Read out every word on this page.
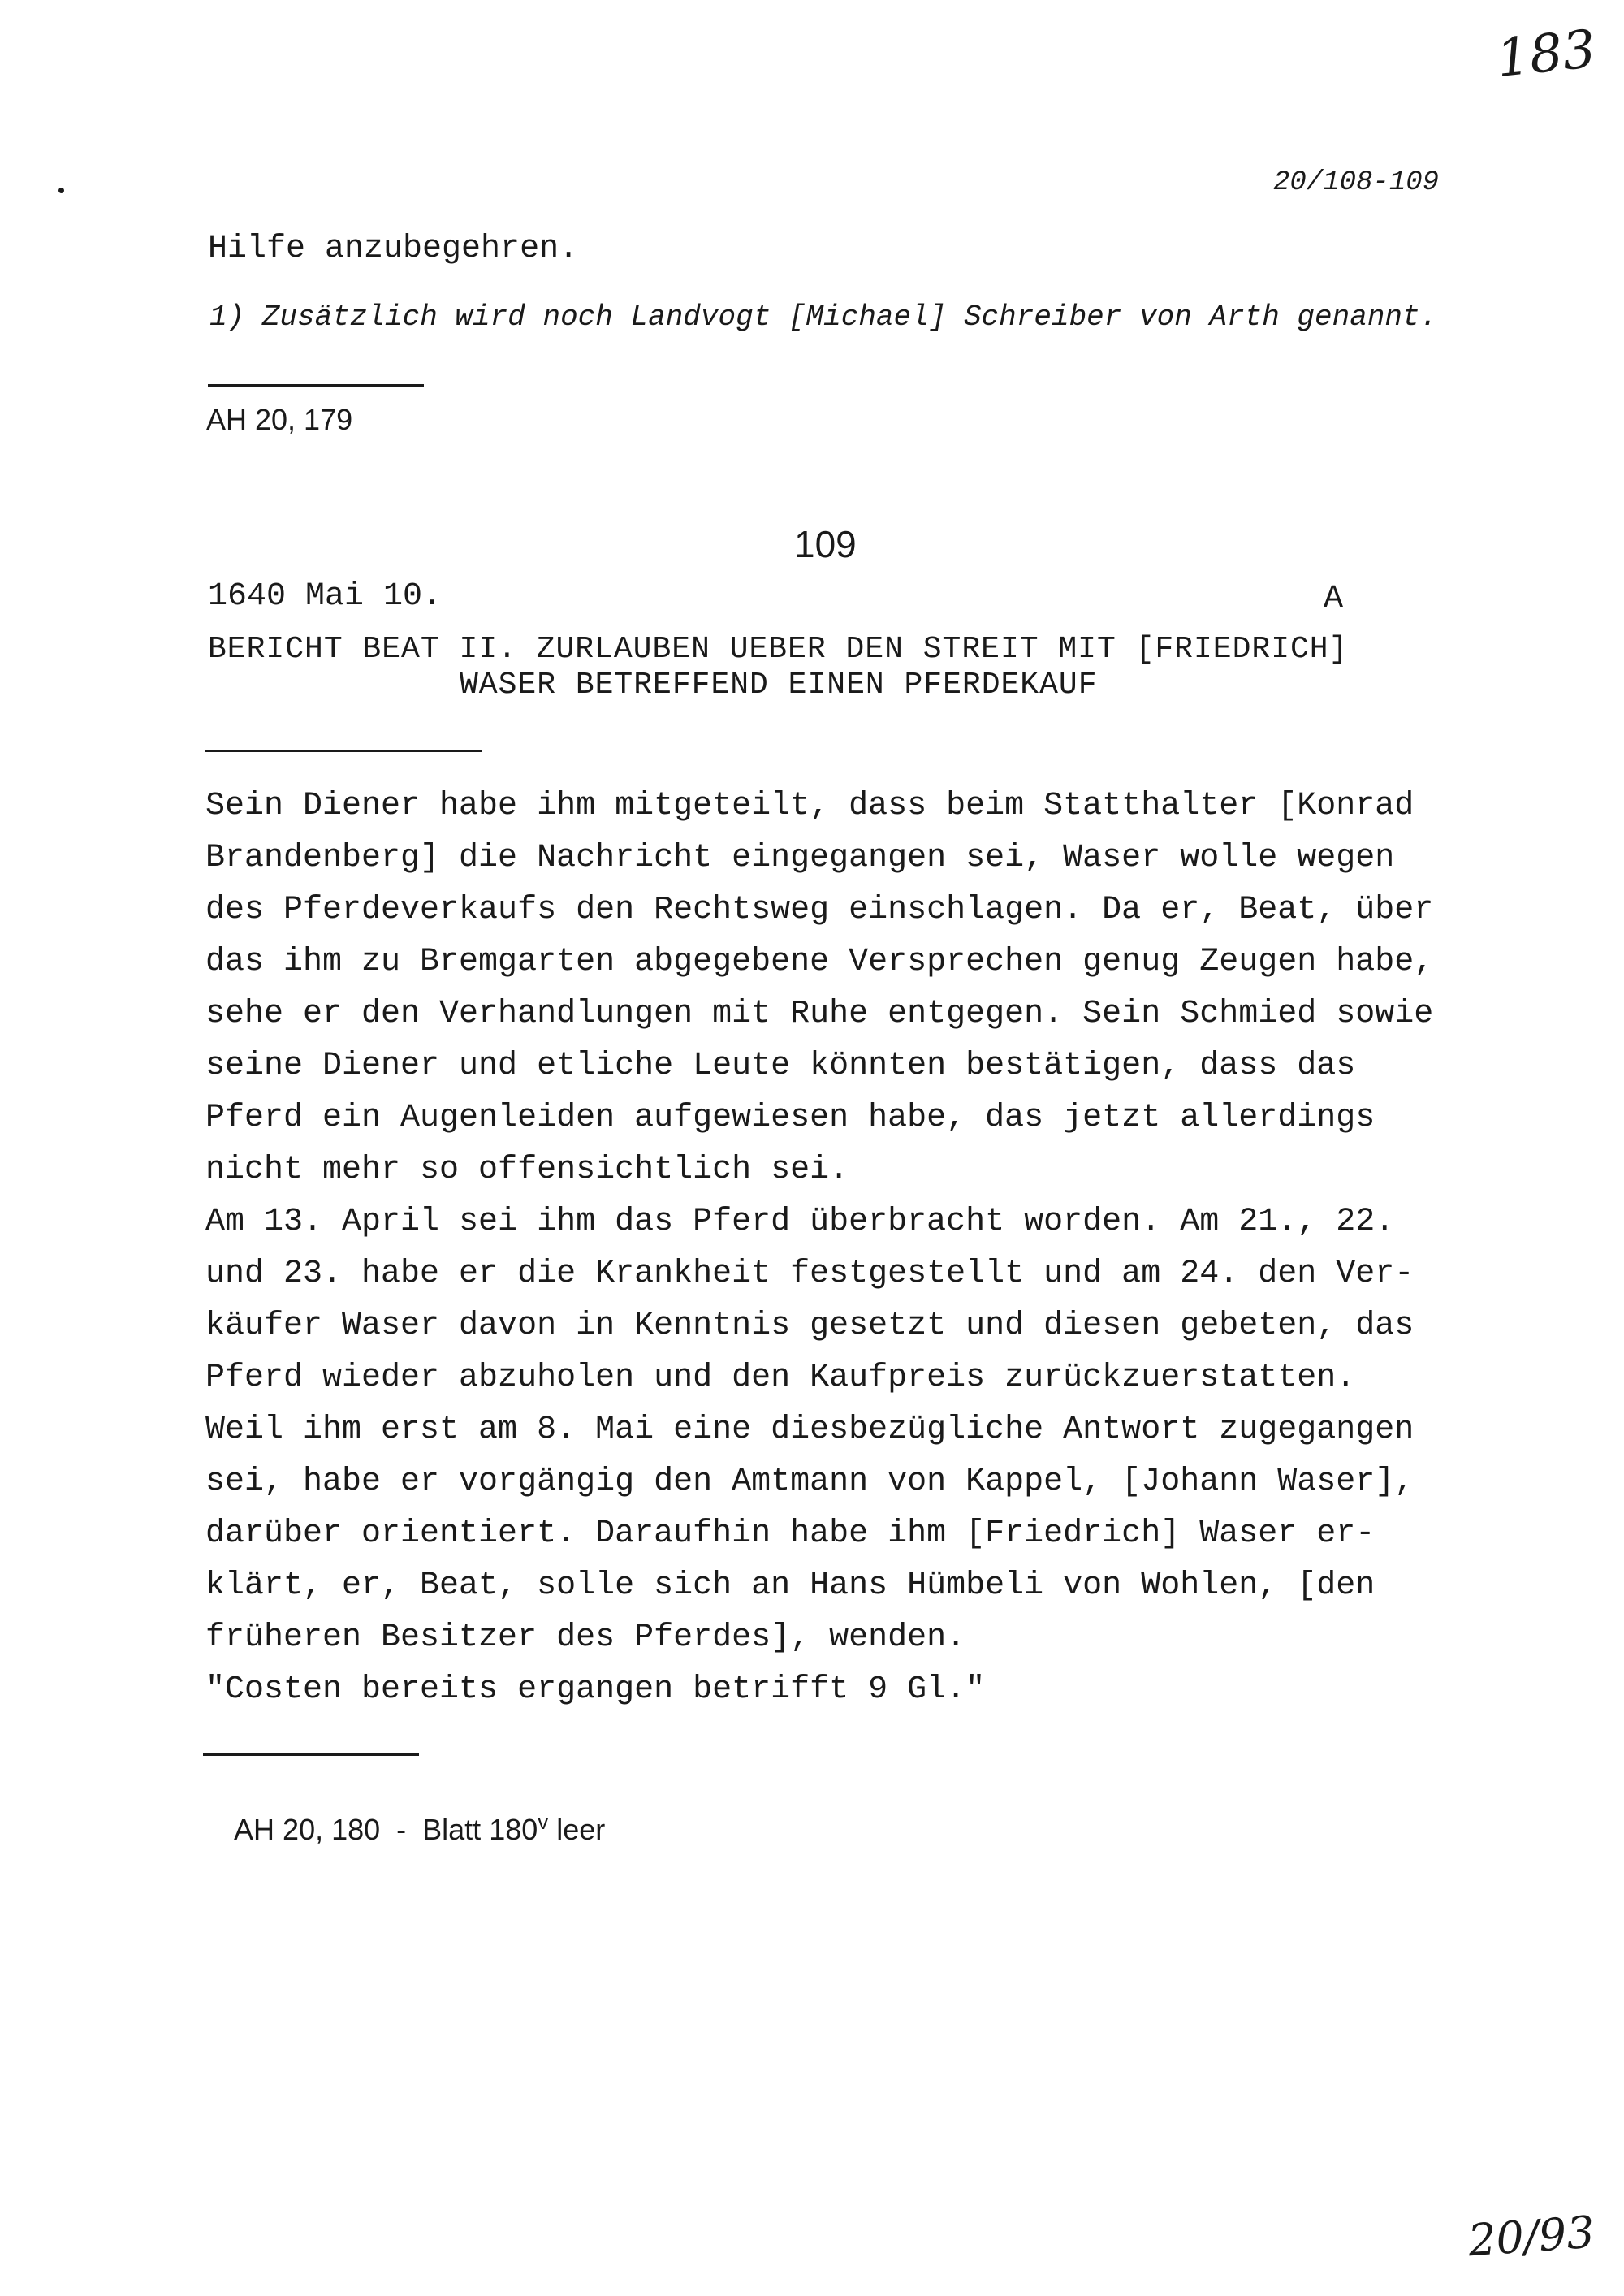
183
20/108-109
Hilfe anzubegehren.
1) Zusätzlich wird noch Landvogt [Michael] Schreiber von Arth genannt.
AH 20, 179
109
1640 Mai 10.	A
BERICHT BEAT II. ZURLAUBEN UEBER DEN STREIT MIT [FRIEDRICH]
WASER BETREFFEND EINEN PFERDEKAUF
Sein Diener habe ihm mitgeteilt, dass beim Statthalter [Konrad
Brandenberg] die Nachricht eingegangen sei, Waser wolle wegen
des Pferdeverkaufs den Rechtsweg einschlagen. Da er, Beat, über
das ihm zu Bremgarten abgegebene Versprechen genug Zeugen habe,
sehe er den Verhandlungen mit Ruhe entgegen. Sein Schmied sowie
seine Diener und etliche Leute könnten bestätigen, dass das
Pferd ein Augenleiden aufgewiesen habe, das jetzt allerdings
nicht mehr so offensichtlich sei.
Am 13. April sei ihm das Pferd überbracht worden. Am 21., 22.
und 23. habe er die Krankheit festgestellt und am 24. den Ver-
käufer Waser davon in Kenntnis gesetzt und diesen gebeten, das
Pferd wieder abzuholen und den Kaufpreis zurückzuerstatten.
Weil ihm erst am 8. Mai eine diesbezügliche Antwort zugegangen
sei, habe er vorgängig den Amtmann von Kappel, [Johann Waser],
darüber orientiert. Daraufhin habe ihm [Friedrich] Waser er-
klärt, er, Beat, solle sich an Hans Hümbeli von Wohlen, [den
früheren Besitzer des Pferdes], wenden.
"Costen bereits ergangen betrifft 9 Gl."

AH 20, 180  -  Blatt 180$^v$ leer

20/93
